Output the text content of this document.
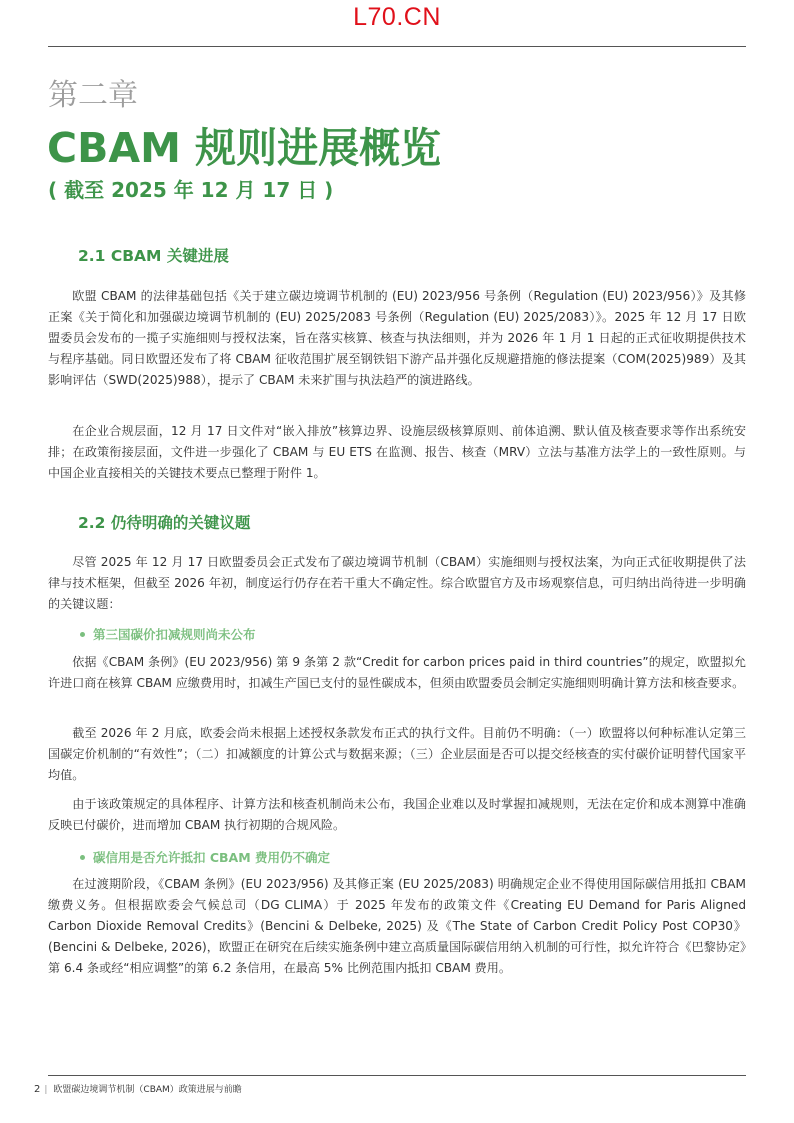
L70.CN
第二章
CBAM 规则进展概览
( 截至 2025 年 12 月 17 日 )
2.1 CBAM 关键进展

欧盟 CBAM 的法律基础包括《关于建立碳边境调节机制的 (EU) 2023/956 号条例（Regulation (EU) 2023/956）》及其修正案《关于简化和加强碳边境调节机制的 (EU) 2025/2083 号条例（Regulation (EU) 2025/2083）》。2025 年 12 月 17 日欧盟委员会发布的一揽子实施细则与授权法案，旨在落实核算、核查与执法细则，并为 2026 年 1 月 1 日起的正式征收期提供技术与程序基础。同日欧盟还发布了将 CBAM 征收范围扩展至钢铁铝下游产品并强化反规避措施的修法提案（COM(2025)989）及其影响评估（SWD(2025)988），提示了 CBAM 未来扩围与执法趋严的演进路线。

在企业合规层面，12 月 17 日文件对“嵌入排放”核算边界、设施层级核算原则、前体追溯、默认值及核查要求等作出系统安排；在政策衔接层面，文件进一步强化了 CBAM 与 EU ETS 在监测、报告、核查（MRV）立法与基准方法学上的一致性原则。与中国企业直接相关的关键技术要点已整理于附件 1。

2.2 仍待明确的关键议题

尽管 2025 年 12 月 17 日欧盟委员会正式发布了碳边境调节机制（CBAM）实施细则与授权法案，为向正式征收期提供了法律与技术框架，但截至 2026 年初，制度运行仍存在若干重大不确定性。综合欧盟官方及市场观察信息，可归纳出尚待进一步明确的关键议题：

第三国碳价扣减规则尚未公布

依据《CBAM 条例》(EU 2023/956) 第 9 条第 2 款“Credit for carbon prices paid in third countries”的规定，欧盟拟允许进口商在核算 CBAM 应缴费用时，扣减生产国已支付的显性碳成本，但须由欧盟委员会制定实施细则明确计算方法和核查要求。

截至 2026 年 2 月底，欧委会尚未根据上述授权条款发布正式的执行文件。目前仍不明确：（一）欧盟将以何种标准认定第三国碳定价机制的“有效性”；（二）扣减额度的计算公式与数据来源；（三）企业层面是否可以提交经核查的实付碳价证明替代国家平均值。

由于该政策规定的具体程序、计算方法和核查机制尚未公布，我国企业难以及时掌握扣减规则，无法在定价和成本测算中准确反映已付碳价，进而增加 CBAM 执行初期的合规风险。

碳信用是否允许抵扣 CBAM 费用仍不确定

在过渡期阶段，《CBAM 条例》(EU 2023/956) 及其修正案 (EU 2025/2083) 明确规定企业不得使用国际碳信用抵扣 CBAM 缴费义务。但根据欧委会气候总司（DG CLIMA）于 2025 年发布的政策文件《Creating EU Demand for Paris Aligned Carbon Dioxide Removal Credits》(Bencini & Delbeke, 2025) 及《The State of Carbon Credit Policy Post COP30》(Bencini & Delbeke, 2026)，欧盟正在研究在后续实施条例中建立高质量国际碳信用纳入机制的可行性，拟允许符合《巴黎协定》第 6.4 条或经“相应调整”的第 6.2 条信用，在最高 5% 比例范围内抵扣 CBAM 费用。

2 | 欧盟碳边境调节机制（CBAM）政策进展与前瞻
